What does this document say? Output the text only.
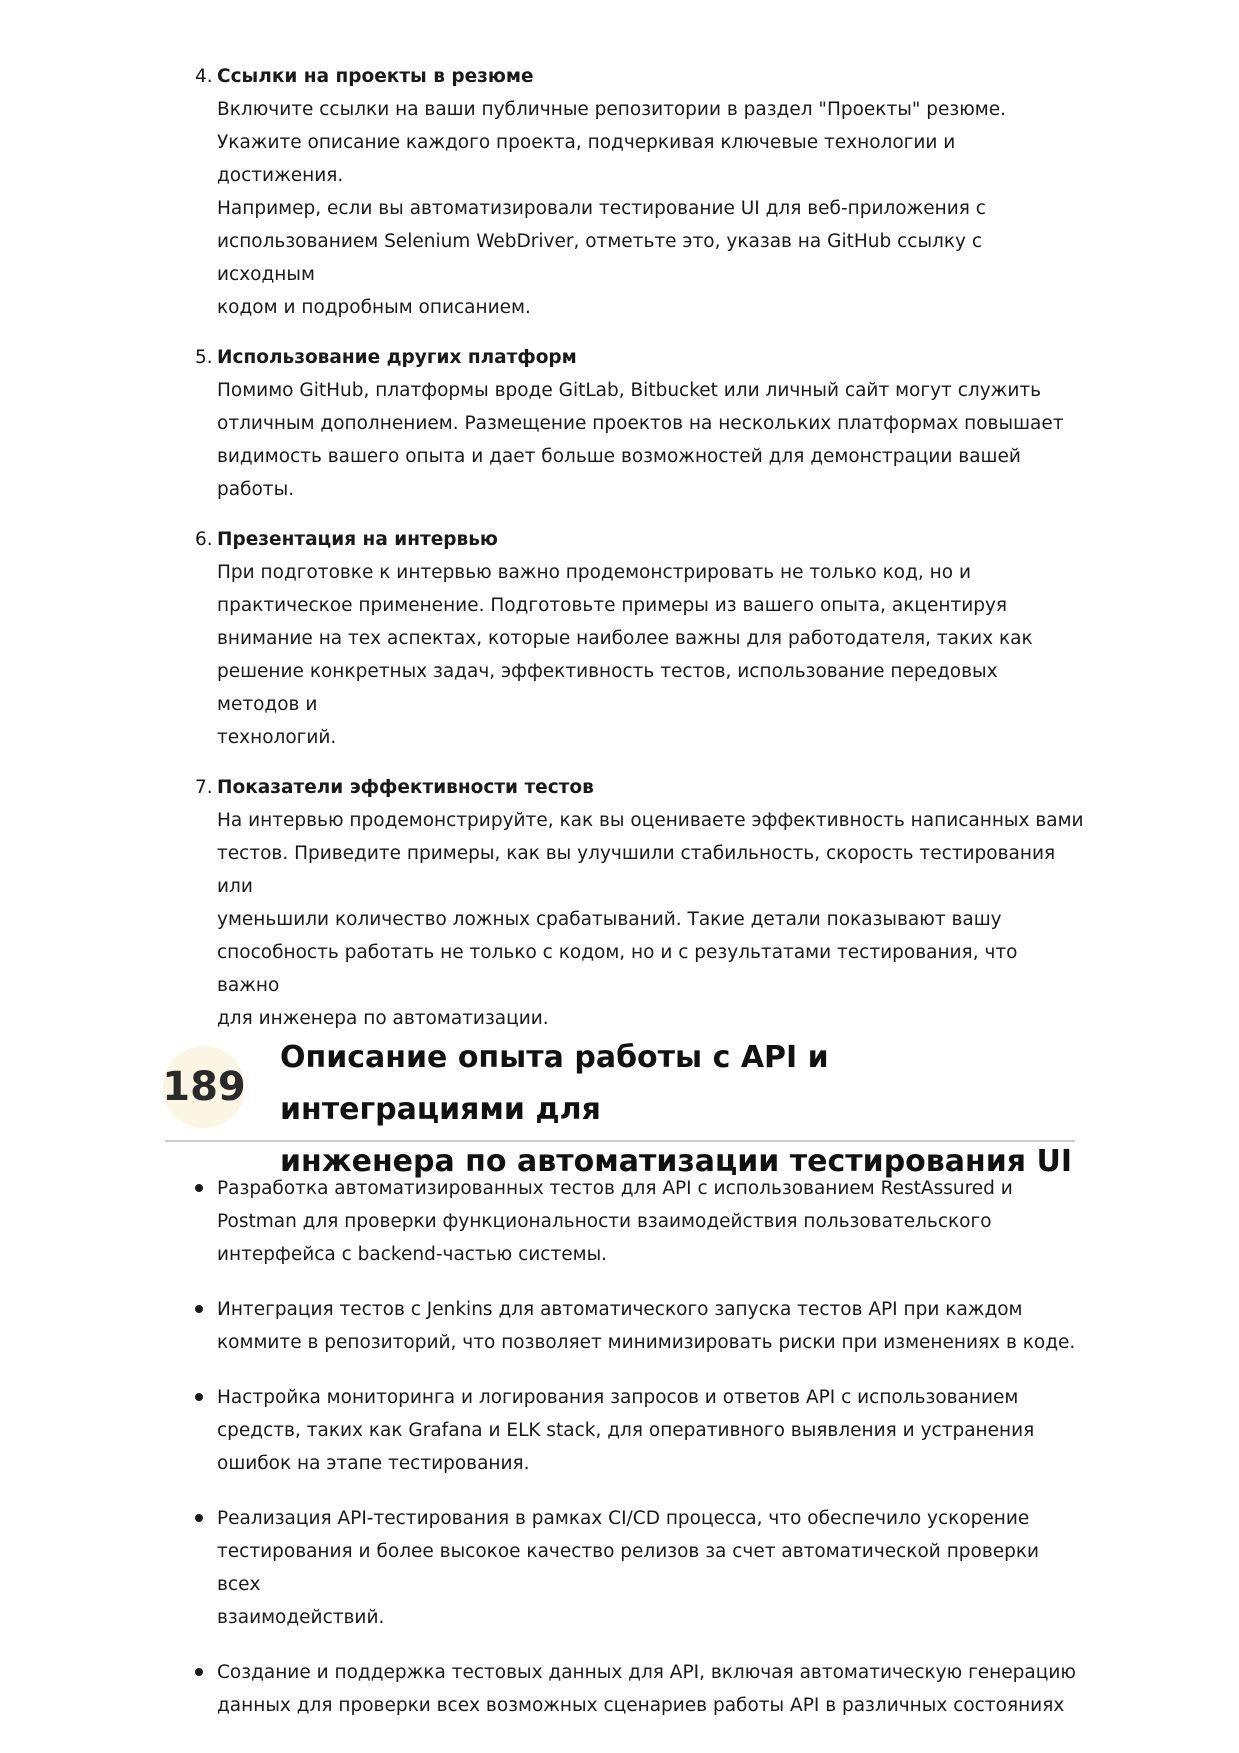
4. Ссылки на проекты в резюме
Включите ссылки на ваши публичные репозитории в раздел "Проекты" резюме.
Укажите описание каждого проекта, подчеркивая ключевые технологии и достижения.
Например, если вы автоматизировали тестирование UI для веб-приложения с
использованием Selenium WebDriver, отметьте это, указав на GitHub ссылку с исходным
кодом и подробным описанием.
5. Использование других платформ
Помимо GitHub, платформы вроде GitLab, Bitbucket или личный сайт могут служить
отличным дополнением. Размещение проектов на нескольких платформах повышает
видимость вашего опыта и дает больше возможностей для демонстрации вашей
работы.
6. Презентация на интервью
При подготовке к интервью важно продемонстрировать не только код, но и
практическое применение. Подготовьте примеры из вашего опыта, акцентируя
внимание на тех аспектах, которые наиболее важны для работодателя, таких как
решение конкретных задач, эффективность тестов, использование передовых методов и
технологий.
7. Показатели эффективности тестов
На интервью продемонстрируйте, как вы оцениваете эффективность написанных вами
тестов. Приведите примеры, как вы улучшили стабильность, скорость тестирования или
уменьшили количество ложных срабатываний. Такие детали показывают вашу
способность работать не только с кодом, но и с результатами тестирования, что важно
для инженера по автоматизации.
189
Описание опыта работы с API и интеграциями для
инженера по автоматизации тестирования UI
Разработка автоматизированных тестов для API с использованием RestAssured и
Postman для проверки функциональности взаимодействия пользовательского
интерфейса с backend-частью системы.
Интеграция тестов с Jenkins для автоматического запуска тестов API при каждом
коммите в репозиторий, что позволяет минимизировать риски при изменениях в коде.
Настройка мониторинга и логирования запросов и ответов API с использованием
средств, таких как Grafana и ELK stack, для оперативного выявления и устранения
ошибок на этапе тестирования.
Реализация API-тестирования в рамках CI/CD процесса, что обеспечило ускорение
тестирования и более высокое качество релизов за счет автоматической проверки всех
взаимодействий.
Создание и поддержка тестовых данных для API, включая автоматическую генерацию
данных для проверки всех возможных сценариев работы API в различных состояниях
